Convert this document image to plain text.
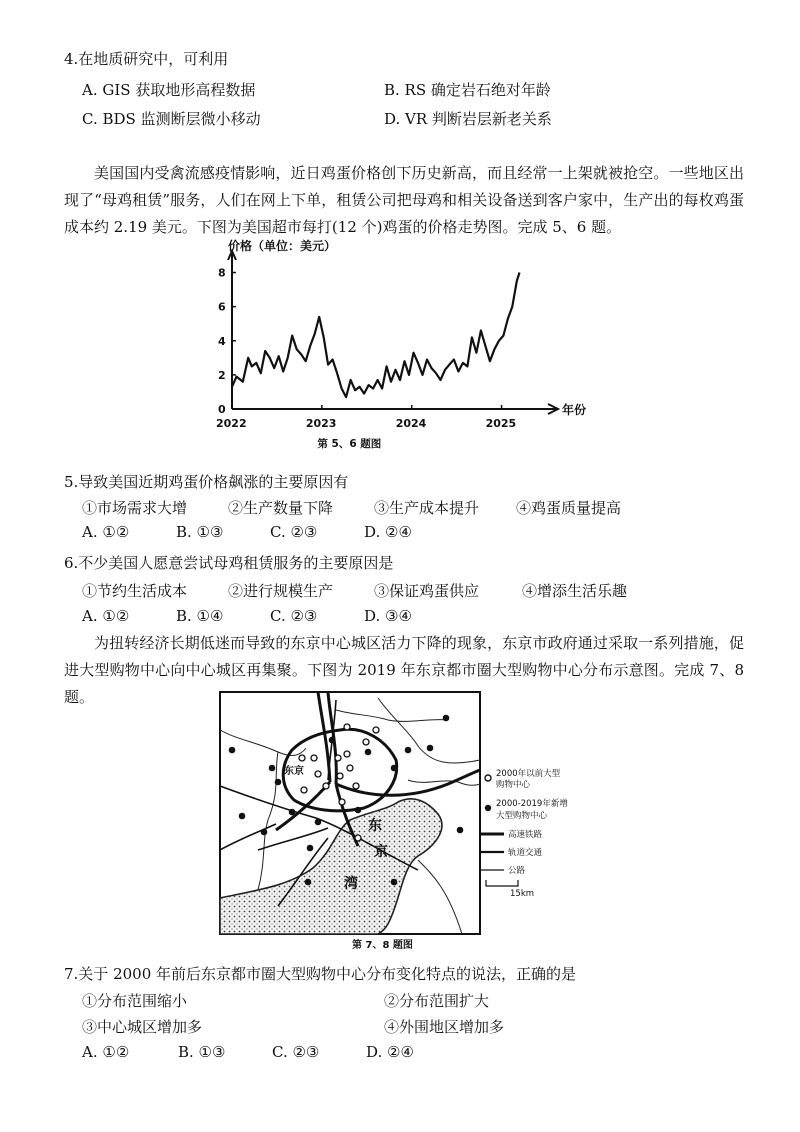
4.在地质研究中，可利用
A. GIS 获取地形高程数据	B. RS 确定岩石绝对年龄
C. BDS 监测断层微小移动	D. VR 判断岩层新老关系
美国国内受禽流感疫情影响，近日鸡蛋价格创下历史新高，而且经常一上架就被抢空。一些地区出现了“母鸡租赁”服务，人们在网上下单，租赁公司把母鸡和相关设备送到客户家中，生产出的每枚鸡蛋成本约 2.19 美元。下图为美国超市每打(12 个)鸡蛋的价格走势图。完成 5、6 题。
价格（单位：美元）
年份
0
2
4
6
8
2022	2023	2024	2025
第 5、6 题图
5.导致美国近期鸡蛋价格飙涨的主要原因有
①市场需求大增	②生产数量下降	③生产成本提升 ④鸡蛋质量提高
A. ①②	B. ①③	C. ②③	D. ②④
6.不少美国人愿意尝试母鸡租赁服务的主要原因是
①节约生活成本	②进行规模生产	③保证鸡蛋供应	④增添生活乐趣
A. ①②	B. ①④	C. ②③	D. ③④
为扭转经济长期低迷而导致的东京中心城区活力下降的现象，东京市政府通过采取一系列措施，促进大型购物中心向中心城区再集聚。下图为 2019 年东京都市圈大型购物中心分布示意图。完成 7、8 题。
东京
东
京
湾
2000年以前大型
购物中心
2000-2019年新增
大型购物中心
高速铁路
轨道交通
公路
15km
第 7、8 题图
7.关于 2000 年前后东京都市圈大型购物中心分布变化特点的说法，正确的是
①分布范围缩小	②分布范围扩大
③中心城区增加多	④外围地区增加多
A. ①②	B. ①③	C. ②③	D. ②④
